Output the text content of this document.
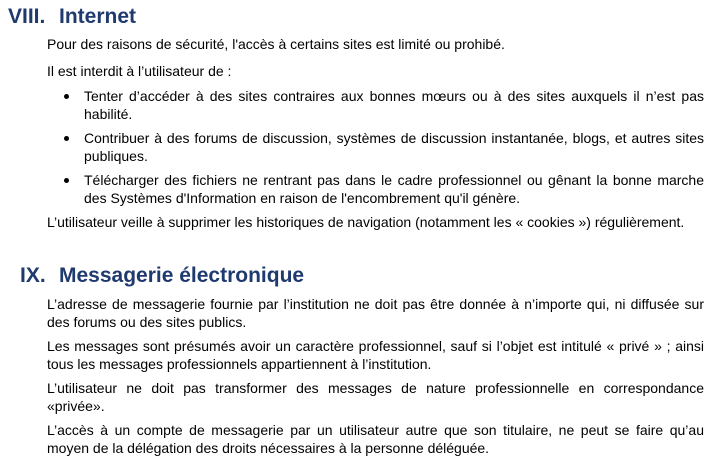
VIII. Internet

Pour des raisons de sécurité, l'accès à certains sites est limité ou prohibé.

Il est interdit à l’utilisateur de :

Tenter d’accéder à des sites contraires aux bonnes mœurs ou à des sites auxquels il n’est pas habilité.
Contribuer à des forums de discussion, systèmes de discussion instantanée, blogs, et autres sites publiques.
Télécharger des fichiers ne rentrant pas dans le cadre professionnel ou gênant la bonne marche des Systèmes d'Information en raison de l'encombrement qu'il génère.

L’utilisateur veille à supprimer les historiques de navigation (notamment les « cookies ») régulièrement.

IX. Messagerie électronique

L’adresse de messagerie fournie par l’institution ne doit pas être donnée à n’importe qui, ni diffusée sur des forums ou des sites publics.

Les messages sont présumés avoir un caractère professionnel, sauf si l’objet est intitulé « privé » ; ainsi tous les messages professionnels appartiennent à l’institution.

L’utilisateur ne doit pas transformer des messages de nature professionnelle en correspondance «privée».

L’accès à un compte de messagerie par un utilisateur autre que son titulaire, ne peut se faire qu’au moyen de la délégation des droits nécessaires à la personne déléguée.
